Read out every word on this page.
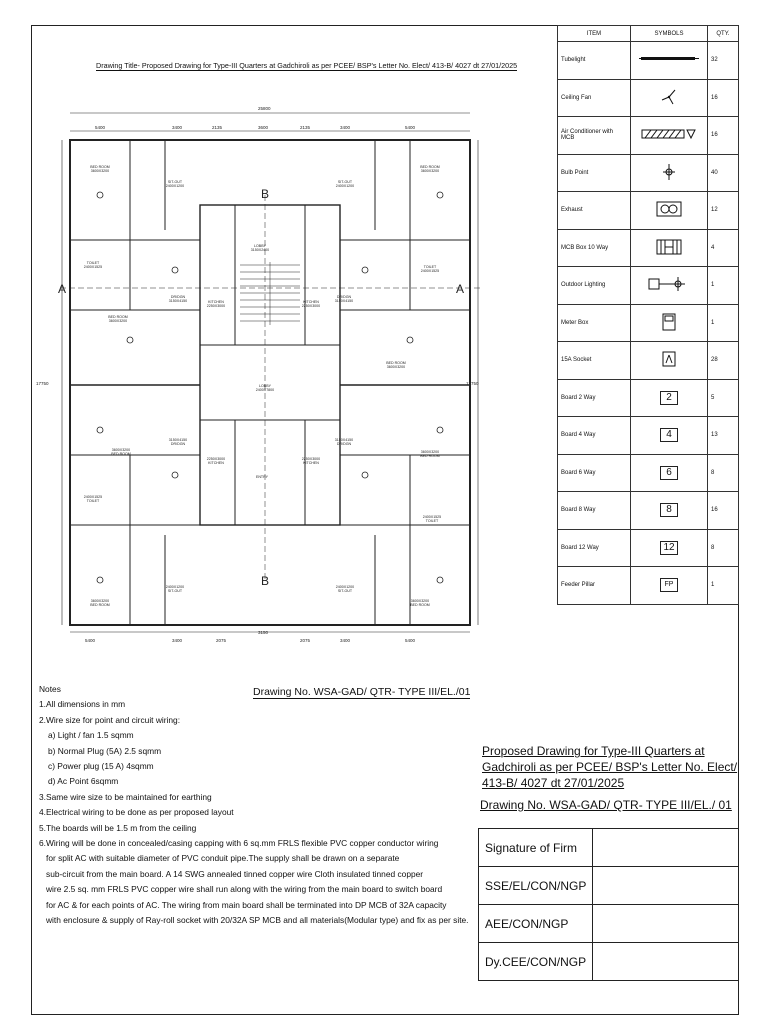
25800
5400	3400	2135	3600	2135	3400	5400
5400	3400	2075
3150
2075	3400	5400
17750	17750
A	A
B
B
BED ROOM
3600X3200
SIT-OUT
2400X1200
SIT-OUT
2400X1200
BED ROOM
3600X3200
TOILET
2400X1525	TOILET
2400X1525
LOBBY
3150X2400
DR/DGN
3150X4150	KITCHEN
2250X3000
KITCHEN
2250X3000
DR/DGN
3150X4150
BED ROOM
3600X3200
BED ROOM
3600X3200
LOBBY
2400X7800
3600X3200
BED ROOM
2250X3000
KITCHEN
2250X3000
KITCHEN
3150X4150
DR/DGN
3150X4150
DR/DGN
ENTRY
3600X3200
BED ROOM
2400X1525
TOILET
2400X1525
TOILET
3600X3200
BED ROOM
3600X3200
BED ROOM
2400X1200
SIT-OUT
2400X1200
SIT-OUT
Drawing Title- Proposed Drawing for Type-III Quarters at Gadchiroli as per PCEE/ BSP's Letter No. Elect/ 413-B/ 4027 dt 27/01/2025
ITEM	SYMBOLS	QTY.
Tubelight		32
Ceiling Fan		16
Air Conditioner with MCB		16
Bulb Point		40
Exhaust		12
MCB Box 10 Way		4
Outdoor Lighting		1
Meter Box		1
15A Socket		28
Board 2 Way	2	5
Board 4 Way	4	13
Board 6 Way	6	8
Board 8 Way	8	16
Board 12 Way	12	8
Feeder Pillar	FP	1
Notes
1.All dimensions in mm
2.Wire size for point and circuit wiring:
a) Light / fan 1.5 sqmm
b) Normal Plug (5A) 2.5 sqmm
c) Power plug (15 A) 4sqmm
d) Ac Point 6sqmm
3.Same wire size to be maintained for earthing
4.Electrical wiring to be done as per proposed layout
5.The boards will be 1.5 m from the ceiling
6.Wiring will be done in concealed/casing capping with 6 sq.mm FRLS flexible PVC copper conductor wiring
for split AC with suitable diameter of PVC conduit pipe.The supply shall be drawn on a separate
sub-circuit from the main board. A 14 SWG annealed tinned copper wire Cloth insulated tinned copper
wire 2.5 sq. mm FRLS PVC copper wire shall run along with the wiring from the main board to switch board
for AC & for each points of AC. The wiring from main board shall be terminated into DP MCB of 32A capacity
with enclosure & supply of Ray-roll socket with 20/32A SP MCB and all materials(Modular type) and fix as per site.
Drawing No. WSA-GAD/ QTR- TYPE III/EL./01
Proposed Drawing for Type-III Quarters at Gadchiroli as per PCEE/ BSP's Letter No. Elect/ 413-B/ 4027 dt 27/01/2025
Drawing No. WSA-GAD/ QTR- TYPE III/EL./ 01
Signature of Firm	
SSE/EL/CON/NGP	
AEE/CON/NGP	
Dy.CEE/CON/NGP	
